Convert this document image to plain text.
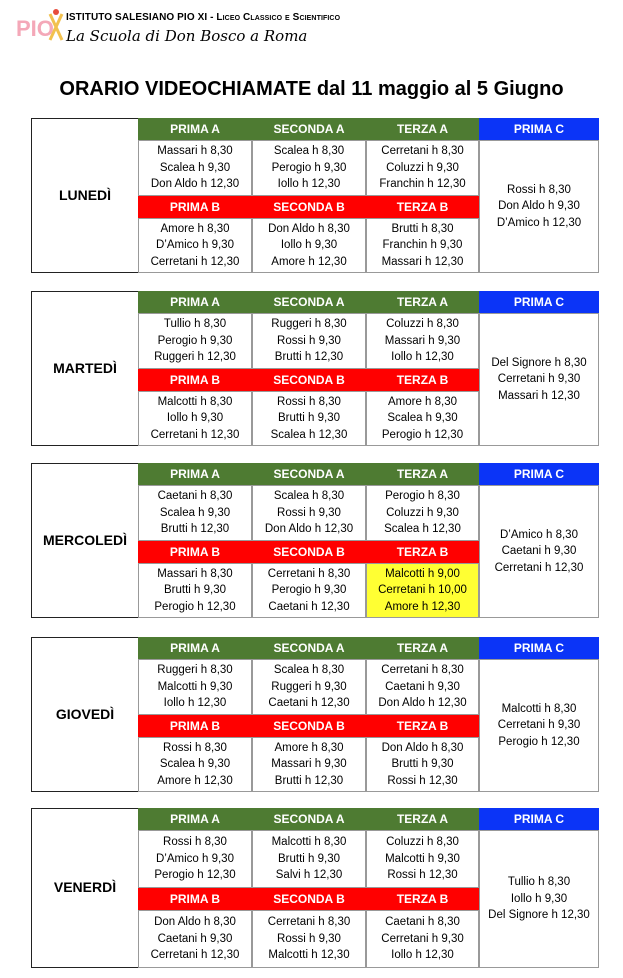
PIO ISTITUTO SALESIANO PIO XI - Liceo Classico e Scientifico
La Scuola di Don Bosco a Roma
ORARIO VIDEOCHIAMATE dal 11 maggio al 5 Giugno
LUNEDÌ
PRIMA A
Massari h 8,30
Scalea h 9,30
Don Aldo h 12,30
PRIMA B
Amore h 8,30
D’Amico h 9,30
Cerretani h 12,30
SECONDA A
Scalea h 8,30
Perogio h 9,30
Iollo h 12,30
SECONDA B
Don Aldo h 8,30
Iollo h 9,30
Amore h 12,30
TERZA A
Cerretani h 8,30
Coluzzi h 9,30
Franchin h 12,30
TERZA B
Brutti h 8,30
Franchin h 9,30
Massari h 12,30
PRIMA C
Rossi h 8,30
Don Aldo h 9,30
D’Amico h 12,30
MARTEDÌ
PRIMA A
Tullio h 8,30
Perogio h 9,30
Ruggeri h 12,30
PRIMA B
Malcotti h 8,30
Iollo h 9,30
Cerretani h 12,30
SECONDA A
Ruggeri h 8,30
Rossi h 9,30
Brutti h 12,30
SECONDA B
Rossi h 8,30
Brutti h 9,30
Scalea h 12,30
TERZA A
Coluzzi h 8,30
Massari h 9,30
Iollo h 12,30
TERZA B
Amore h 8,30
Scalea h 9,30
Perogio h 12,30
PRIMA C
Del Signore h 8,30
Cerretani h 9,30
Massari h 12,30
MERCOLEDÌ
PRIMA A
Caetani h 8,30
Scalea h 9,30
Brutti h 12,30
PRIMA B
Massari h 8,30
Brutti h 9,30
Perogio h 12,30
SECONDA A
Scalea h 8,30
Rossi h 9,30
Don Aldo h 12,30
SECONDA B
Cerretani h 8,30
Perogio h 9,30
Caetani h 12,30
TERZA A
Perogio h 8,30
Coluzzi h 9,30
Scalea h 12,30
TERZA B
Malcotti h 9,00
Cerretani h 10,00
Amore h 12,30
PRIMA C
D’Amico h 8,30
Caetani h 9,30
Cerretani h 12,30
GIOVEDÌ
PRIMA A
Ruggeri h 8,30
Malcotti h 9,30
Iollo h 12,30
PRIMA B
Rossi h 8,30
Scalea h 9,30
Amore h 12,30
SECONDA A
Scalea h 8,30
Ruggeri h 9,30
Caetani h 12,30
SECONDA B
Amore h 8,30
Massari h 9,30
Brutti h 12,30
TERZA A
Cerretani h 8,30
Caetani h 9,30
Don Aldo h 12,30
TERZA B
Don Aldo h 8,30
Brutti h 9,30
Rossi h 12,30
PRIMA C
Malcotti h 8,30
Cerretani h 9,30
Perogio h 12,30
VENERDÌ
PRIMA A
Rossi h 8,30
D’Amico h 9,30
Perogio h 12,30
PRIMA B
Don Aldo h 8,30
Caetani h 9,30
Cerretani h 12,30
SECONDA A
Malcotti h 8,30
Brutti h 9,30
Salvi h 12,30
SECONDA B
Cerretani h 8,30
Rossi h 9,30
Malcotti h 12,30
TERZA A
Coluzzi h 8,30
Malcotti h 9,30
Rossi h 12,30
TERZA B
Caetani h 8,30
Cerretani h 9,30
Iollo h 12,30
PRIMA C
Tullio h 8,30
Iollo h 9,30
Del Signore h 12,30
